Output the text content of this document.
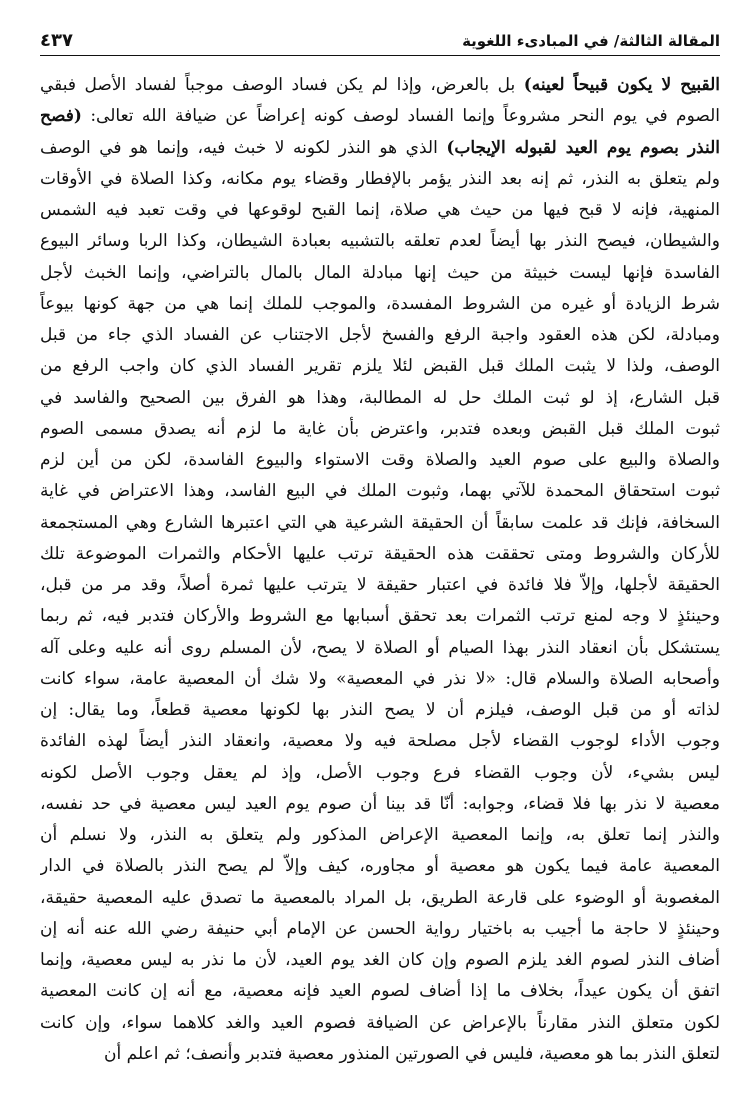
المقالة الثالثة/ في المبادىء اللغوية
٤٣٧
القبيح لا يكون قبيحاً لعينه) بل بالعرض، وإذا لم يكن فساد الوصف موجباً لفساد الأصل فبقي
الصوم في يوم النحر مشروعاً وإنما الفساد لوصف كونه إعراضاً عن ضيافة الله تعالى: (فصح
النذر بصوم يوم العيد لقبوله الإيجاب) الذي هو النذر لكونه لا خبث فيه، وإنما هو في الوصف
ولم يتعلق به النذر، ثم إنه بعد النذر يؤمر بالإفطار وقضاء يوم مكانه، وكذا الصلاة في الأوقات
المنهية، فإنه لا قبح فيها من حيث هي صلاة، إنما القبح لوقوعها في وقت تعبد فيه الشمس
والشيطان، فيصح النذر بها أيضاً لعدم تعلقه بالتشبيه بعبادة الشيطان، وكذا الربا وسائر البيوع
الفاسدة فإنها ليست خبيثة من حيث إنها مبادلة المال بالمال بالتراضي، وإنما الخبث لأجل
شرط الزيادة أو غيره من الشروط المفسدة، والموجب للملك إنما هي من جهة كونها بيوعاً
ومبادلة، لكن هذه العقود واجبة الرفع والفسخ لأجل الاجتناب عن الفساد الذي جاء من قبل
الوصف، ولذا لا يثبت الملك قبل القبض لئلا يلزم تقرير الفساد الذي كان واجب الرفع من
قبل الشارع، إذ لو ثبت الملك حل له المطالبة، وهذا هو الفرق بين الصحيح والفاسد في
ثبوت الملك قبل القبض وبعده فتدبر، واعترض بأن غاية ما لزم أنه يصدق مسمى الصوم
والصلاة والبيع على صوم العيد والصلاة وقت الاستواء والبيوع الفاسدة، لكن من أين لزم
ثبوت استحقاق المحمدة للآتي بهما، وثبوت الملك في البيع الفاسد، وهذا الاعتراض في غاية
السخافة، فإنك قد علمت سابقاً أن الحقيقة الشرعية هي التي اعتبرها الشارع وهي المستجمعة
للأركان والشروط ومتى تحققت هذه الحقيقة ترتب عليها الأحكام والثمرات الموضوعة تلك
الحقيقة لأجلها، وإلاّ فلا فائدة في اعتبار حقيقة لا يترتب عليها ثمرة أصلاً، وقد مر من قبل،
وحينئذٍ لا وجه لمنع ترتب الثمرات بعد تحقق أسبابها مع الشروط والأركان فتدبر فيه، ثم ربما
يستشكل بأن انعقاد النذر بهذا الصيام أو الصلاة لا يصح، لأن المسلم روى أنه عليه وعلى آله
وأصحابه الصلاة والسلام قال: «لا نذر في المعصية» ولا شك أن المعصية عامة، سواء كانت
لذاته أو من قبل الوصف، فيلزم أن لا يصح النذر بها لكونها معصية قطعاً، وما يقال: إن
وجوب الأداء لوجوب القضاء لأجل مصلحة فيه ولا معصية، وانعقاد النذر أيضاً لهذه الفائدة
ليس بشيء، لأن وجوب القضاء فرع وجوب الأصل، وإذ لم يعقل وجوب الأصل لكونه
معصية لا نذر بها فلا قضاء، وجوابه: أنّا قد بينا أن صوم يوم العيد ليس معصية في حد نفسه،
والنذر إنما تعلق به، وإنما المعصية الإعراض المذكور ولم يتعلق به النذر، ولا نسلم أن
المعصية عامة فيما يكون هو معصية أو مجاوره، كيف وإلاّ لم يصح النذر بالصلاة في الدار
المغصوبة أو الوضوء على قارعة الطريق، بل المراد بالمعصية ما تصدق عليه المعصية حقيقة،
وحينئذٍ لا حاجة ما أجيب به باختيار رواية الحسن عن الإمام أبي حنيفة رضي الله عنه أنه إن
أضاف النذر لصوم الغد يلزم الصوم وإن كان الغد يوم العيد، لأن ما نذر به ليس معصية، وإنما
اتفق أن يكون عيداً، بخلاف ما إذا أضاف لصوم العيد فإنه معصية، مع أنه إن كانت المعصية
لكون متعلق النذر مقارناً بالإعراض عن الضيافة فصوم العيد والغد كلاهما سواء، وإن كانت
لتعلق النذر بما هو معصية، فليس في الصورتين المنذور معصية فتدبر وأنصف؛ ثم اعلم أن
